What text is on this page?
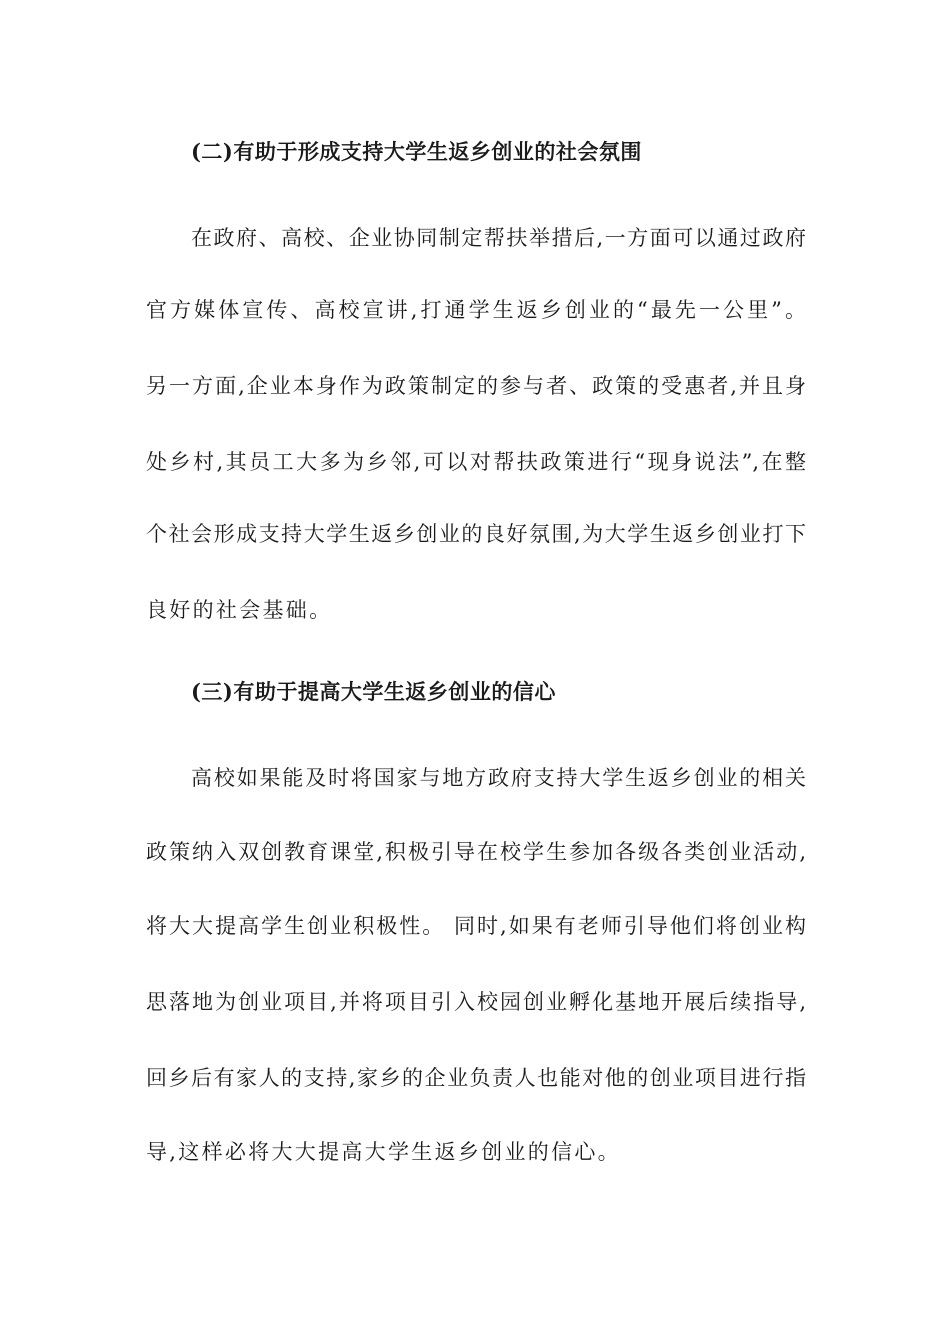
(二)有助于形成支持大学生返乡创业的社会氛围
在政府、高校、企业协同制定帮扶举措后,一方面可以通过政府
官方媒体宣传、高校宣讲,打通学生返乡创业的“最先一公里”。
另一方面,企业本身作为政策制定的参与者、政策的受惠者,并且身
处乡村,其员工大多为乡邻,可以对帮扶政策进行“现身说法”,在整
个社会形成支持大学生返乡创业的良好氛围,为大学生返乡创业打下
良好的社会基础。
(三)有助于提高大学生返乡创业的信心
高校如果能及时将国家与地方政府支持大学生返乡创业的相关
政策纳入双创教育课堂,积极引导在校学生参加各级各类创业活动,
将大大提高学生创业积极性。 同时,如果有老师引导他们将创业构
思落地为创业项目,并将项目引入校园创业孵化基地开展后续指导,
回乡后有家人的支持,家乡的企业负责人也能对他的创业项目进行指
导,这样必将大大提高大学生返乡创业的信心。
